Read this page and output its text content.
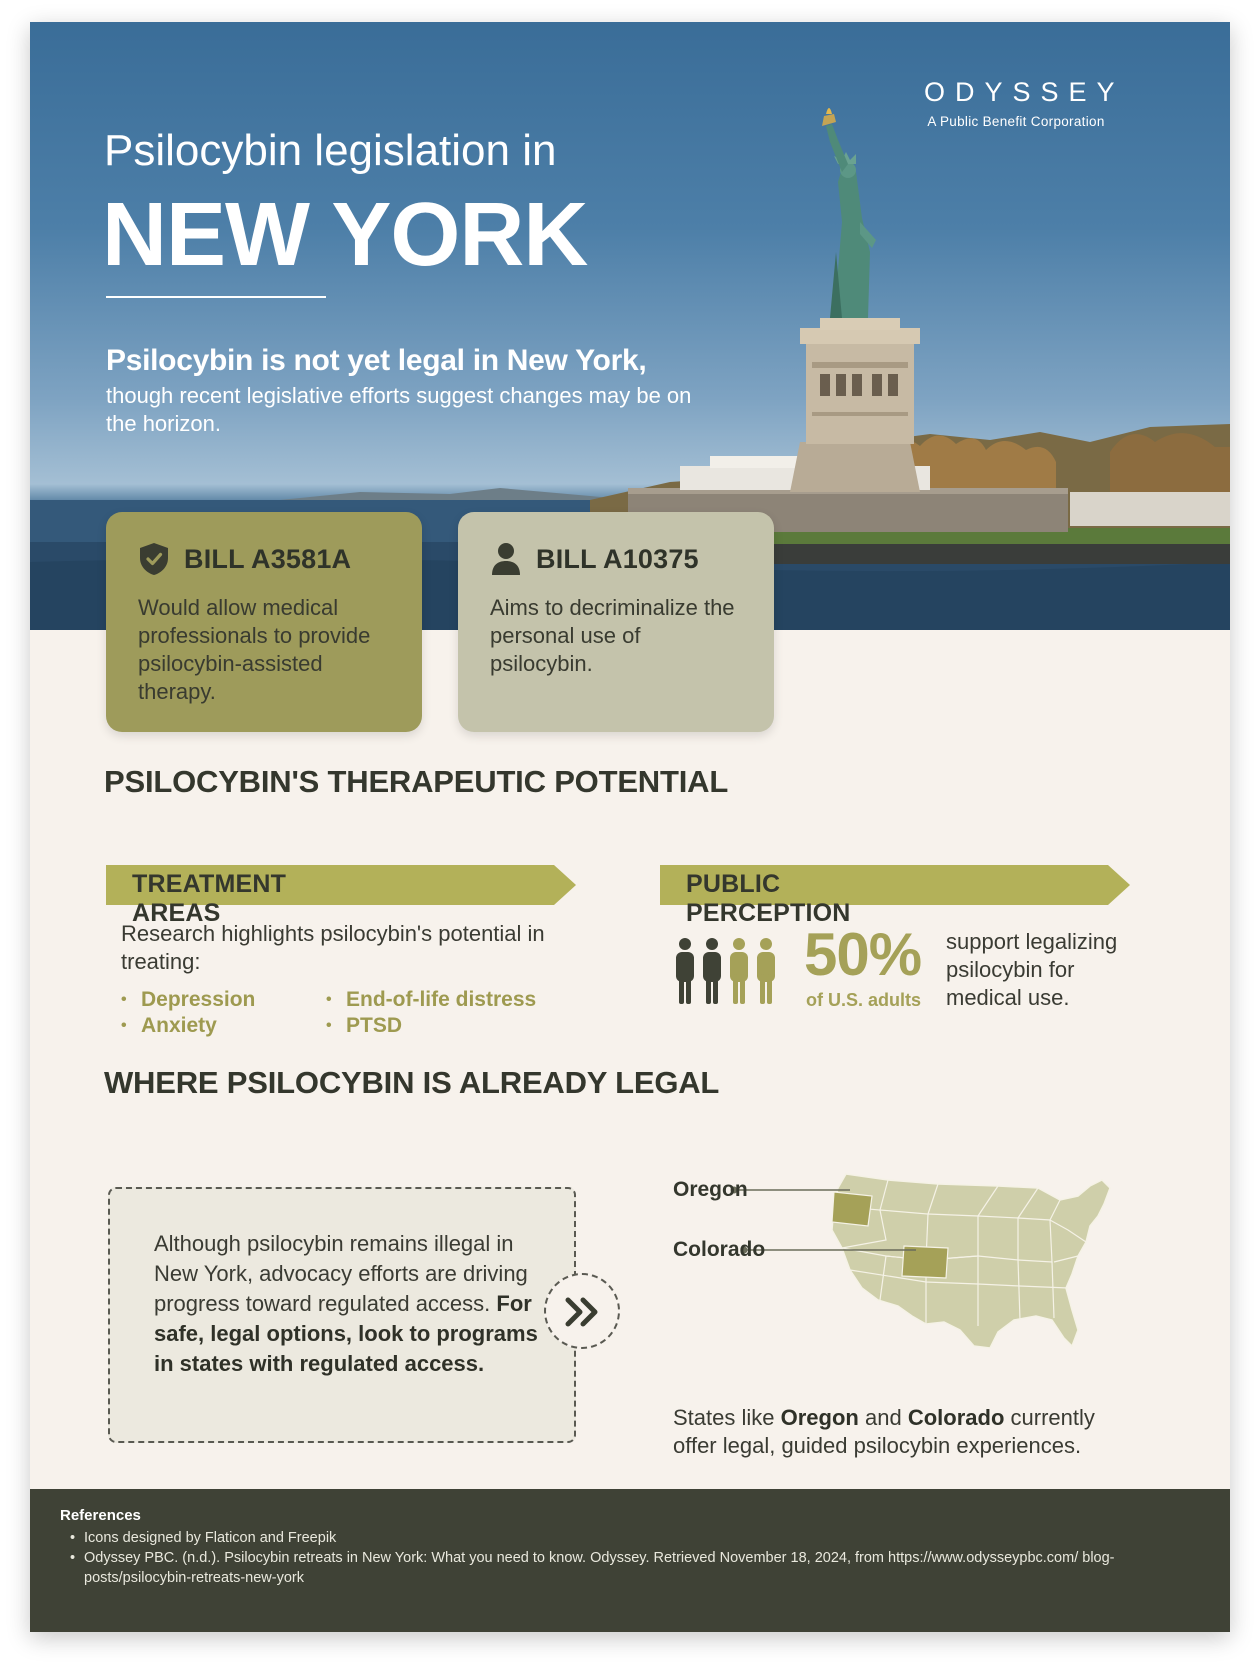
ODYSSEY
A Public Benefit Corporation
Psilocybin legislation in
NEW YORK
Psilocybin is not yet legal in New York,
though recent legislative efforts suggest changes may be on the horizon.
BILL A3581A
Would allow medical professionals to provide psilocybin-assisted therapy.
BILL A10375
Aims to decriminalize the personal use of psilocybin.
PSILOCYBIN'S THERAPEUTIC POTENTIAL
TREATMENT AREAS
PUBLIC PERCEPTION
Research highlights psilocybin's potential in treating:
• Depression
• Anxiety
• End-of-life distress
• PTSD
50%
of U.S. adults
support legalizing psilocybin for medical use.
WHERE PSILOCYBIN IS ALREADY LEGAL

Although psilocybin remains illegal in New York, advocacy efforts are driving progress toward regulated access. For safe, legal options, look to programs in states with regulated access.

Oregon
Colorado
States like Oregon and Colorado currently offer legal, guided psilocybin experiences.
References
• Icons designed by Flaticon and Freepik
• Odyssey PBC. (n.d.). Psilocybin retreats in New York: What you need to know. Odyssey. Retrieved November 18, 2024, from https://www.odysseypbc.com/ blog-posts/psilocybin-retreats-new-york
